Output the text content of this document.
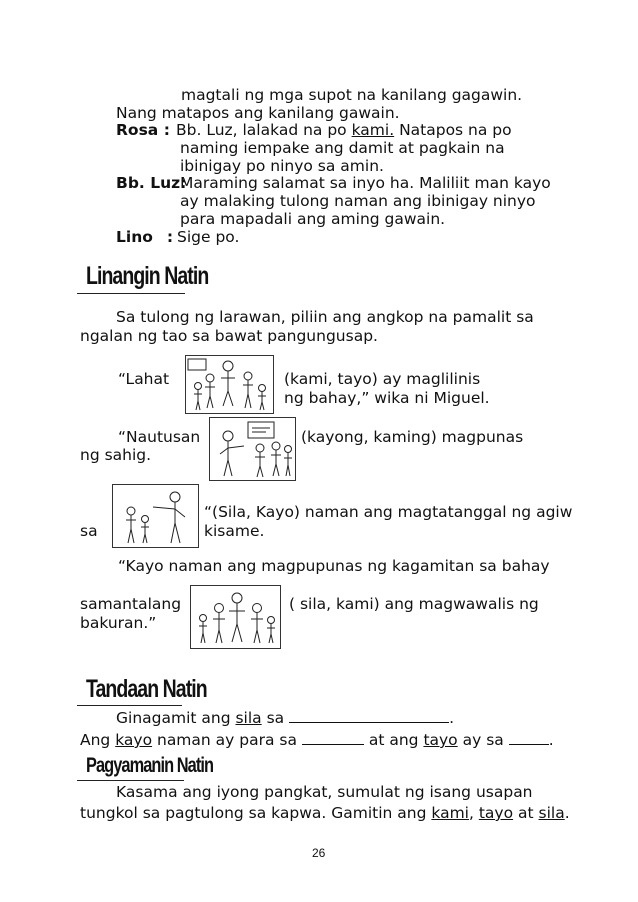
magtali ng mga supot na kanilang gagawin.
Nang matapos ang kanilang gawain.
Rosa : Bb. Luz, lalakad na po kami. Natapos na po
naming iempake ang damit at pagkain na
ibinigay po ninyo sa amin.
Bb. Luz:
Maraming salamat sa inyo ha. Maliliit man kayo
ay malaking tulong naman ang ibinigay ninyo
para mapadali ang aming gawain.
Lino : Sige po.
Linangin Natin
Sa tulong ng larawan, piliin ang angkop na pamalit sa
ngalan ng tao sa bawat pangungusap.
“Lahat	(kami, tayo) ay maglilinis
ng bahay,” wika ni Miguel.
“Nautusan	(kayong, kaming) magpunas
ng sahig.
“(Sila, Kayo) naman ang magtatanggal ng agiw
sa	kisame.
“Kayo naman ang magpupunas ng kagamitan sa bahay
samantalang	( sila, kami) ang magwawalis ng
bakuran.”
Tandaan Natin
Ginagamit ang sila sa	.
Ang kayo naman ay para sa	at ang tayo ay sa	.
Pagyamanin Natin
Kasama ang iyong pangkat, sumulat ng isang usapan
tungkol sa pagtulong sa kapwa. Gamitin ang kami, tayo at sila.
26
